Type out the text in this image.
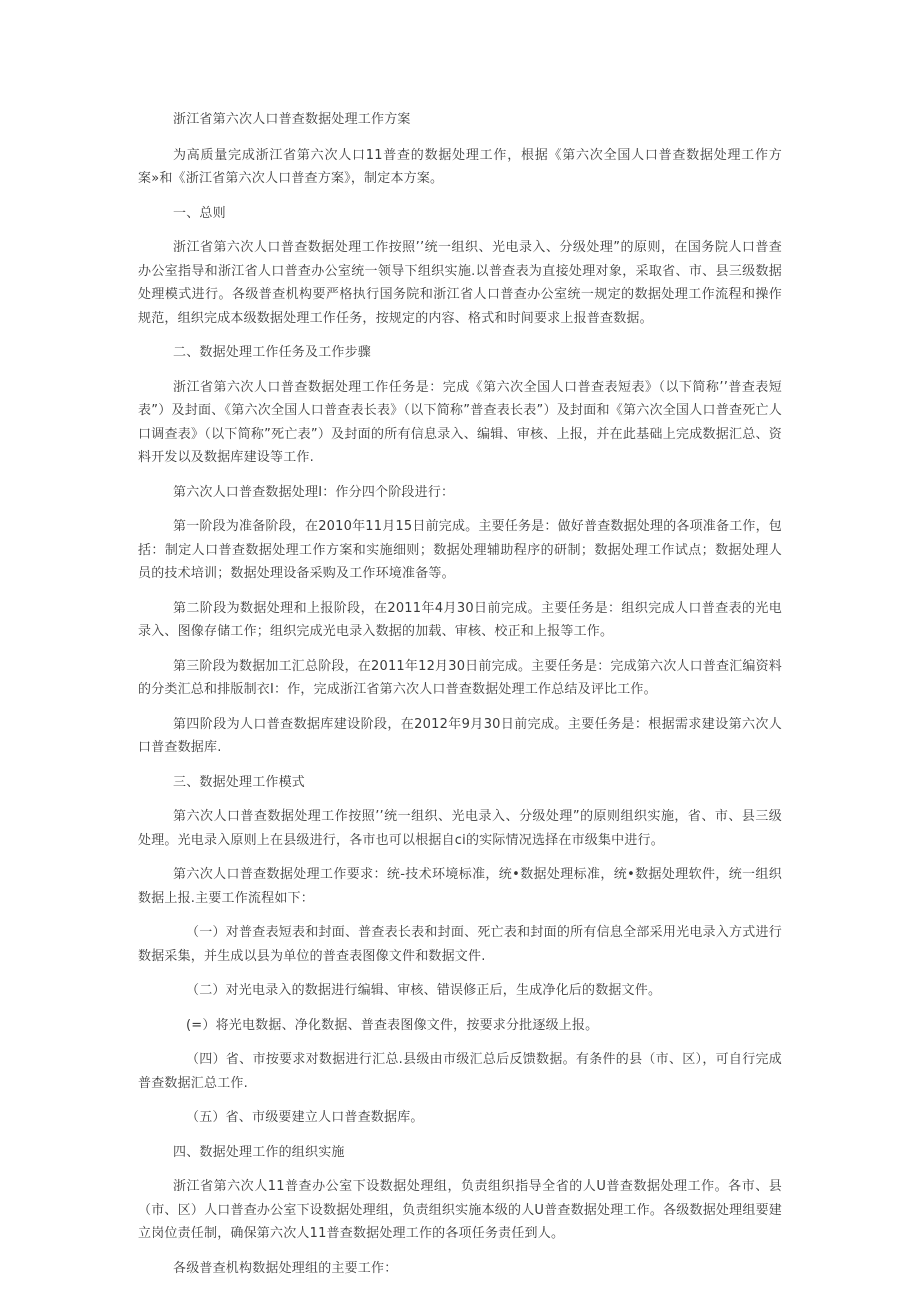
浙江省第六次人口普查数据处理工作方案

为高质量完成浙江省第六次人口11普查的数据处理工作，根据《第六次全国人口普查数据处理工作方案»和《浙江省第六次人口普查方案》，制定本方案。

一、总则

浙江省第六次人口普查数据处理工作按照’’统一组织、光电录入、分级处理”的原则，在国务院人口普查办公室指导和浙江省人口普查办公室统一领导下组织实施.以普查表为直接处理对象，采取省、市、县三级数据处理模式进行。各级普查机构要严格执行国务院和浙江省人口普查办公室统一规定的数据处理工作流程和操作规范，组织完成本级数据处理工作任务，按规定的内容、格式和时间要求上报普查数据。

二、数据处理工作任务及工作步骤

浙江省第六次人口普查数据处理工作任务是：完成《第六次全国人口普查表短表》（以下简称’’普查表短表”）及封面、《第六次全国人口普查表长表》（以下简称”普查表长表”）及封面和《第六次全国人口普查死亡人口调查表》（以下简称”死亡表”）及封面的所有信息录入、编辑、审核、上报，并在此基础上完成数据汇总、资料开发以及数据库建设等工作.

第六次人口普查数据处理I：作分四个阶段进行：

第一阶段为准备阶段，在2010年11月15日前完成。主要任务是：做好普查数据处理的各项准备工作，包括：制定人口普查数据处理工作方案和实施细则；数据处理辅助程序的研制；数据处理工作试点；数据处理人员的技术培训；数据处理设备采购及工作环境准备等。

第二阶段为数据处理和上报阶段，在2011年4月30日前完成。主要任务是：组织完成人口普查表的光电录入、图像存储工作；组织完成光电录入数据的加载、审核、校正和上报等工作。

第三阶段为数据加工汇总阶段，在2011年12月30日前完成。主要任务是：完成第六次人口普查汇编资料的分类汇总和排版制衣I：作，完成浙江省第六次人口普查数据处理工作总结及评比工作。

第四阶段为人口普查数据库建设阶段，在2012年9月30日前完成。主要任务是：根据需求建设第六次人口普查数据库.

三、数据处理工作模式

第六次人口普查数据处理工作按照’’统一组织、光电录入、分级处理”的原则组织实施，省、市、县三级处理。光电录入原则上在县级进行，各市也可以根据自ci的实际情况选择在市级集中进行。

第六次人口普查数据处理工作要求：统-技术环境标准，统•数据处理标准，统•数据处理软件，统一组织数据上报.主要工作流程如下：

（一）对普查表短表和封面、普查表长表和封面、死亡表和封面的所有信息全部采用光电录入方式进行数据采集，并生成以县为单位的普查表图像文件和数据文件.

（二）对光电录入的数据进行编辑、审核、错误修正后，生成净化后的数据文件。

(=）将光电数据、净化数据、普查表图像文件，按要求分批逐级上报。

（四）省、市按要求对数据进行汇总.县级由市级汇总后反馈数据。有条件的县（市、区），可自行完成普查数据汇总工作.

（五）省、市级要建立人口普查数据库。

四、数据处理工作的组织实施

浙江省第六次人11普查办公室下设数据处理组，负责组织指导全省的人U普查数据处理工作。各市、县（市、区）人口普查办公室下设数据处理组，负责组织实施本级的人U普查数据处理工作。各级数据处理组要建立岗位责任制，确保第六次人11普查数据处理工作的各项任务责任到人。

各级普查机构数据处理组的主要工作：
